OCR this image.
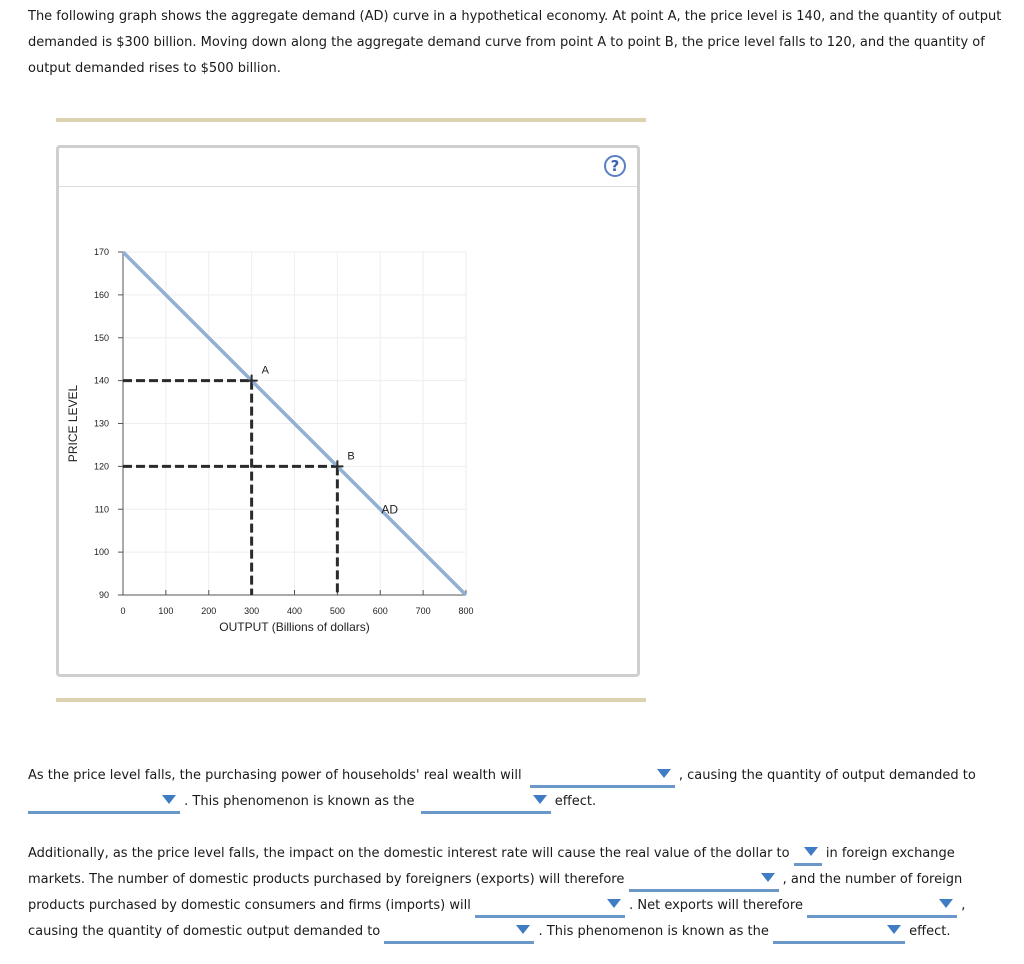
The following graph shows the aggregate demand (AD) curve in a hypothetical economy. At point A, the price level is 140, and the quantity of output
demanded is $300 billion. Moving down along the aggregate demand curve from point A to point B, the price level falls to 120, and the quantity of
output demanded rises to $500 billion.
?
90
100
110
120
130
140
150
160
170
0	100	200	300	400	500	600	700	800
OUTPUT (Billions of dollars)
PRICE LEVEL
A
B
AD
As the price level falls, the purchasing power of households' real wealth will	, causing the quantity of output demanded to
. This phenomenon is known as the	effect.
Additionally, as the price level falls, the impact on the domestic interest rate will cause the real value of the dollar to	in foreign exchange
markets. The number of domestic products purchased by foreigners (exports) will therefore	, and the number of foreign
products purchased by domestic consumers and firms (imports) will	. Net exports will therefore	,
causing the quantity of domestic output demanded to	. This phenomenon is known as the	effect.
